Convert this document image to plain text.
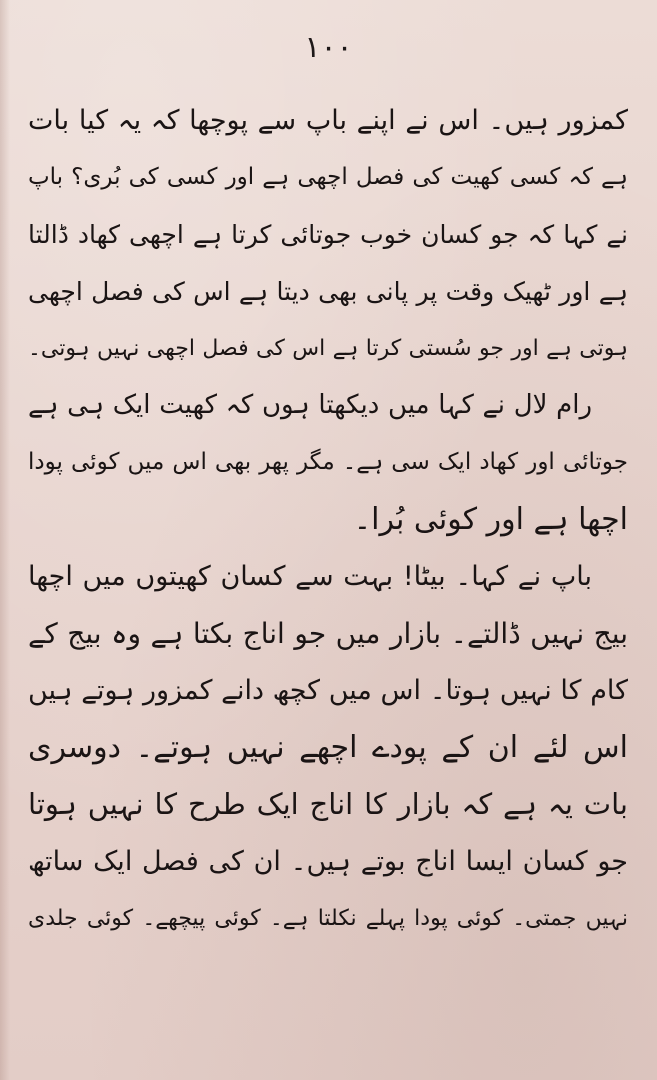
۱۰۰
کمزور ہیں۔ اس نے اپنے باپ سے پوچھا کہ یہ کیا بات
ہے کہ کسی کھیت کی فصل اچھی ہے اور کسی کی بُری؟ باپ
نے کہا کہ جو کسان خوب جوتائی کرتا ہے اچھی کھاد ڈالتا
ہے اور ٹھیک وقت پر پانی بھی دیتا ہے اس کی فصل اچھی
ہوتی ہے اور جو سُستی کرتا ہے اس کی فصل اچھی نہیں ہوتی۔
رام لال نے کہا میں دیکھتا ہوں کہ کھیت ایک ہی ہے
جوتائی اور کھاد ایک سی ہے۔ مگر پھر بھی اس میں کوئی پودا
اچھا ہے اور کوئی بُرا۔
باپ نے کہا۔ بیٹا! بہت سے کسان کھیتوں میں اچھا
بیج نہیں ڈالتے۔ بازار میں جو اناج بکتا ہے وہ بیج کے
کام کا نہیں ہوتا۔ اس میں کچھ دانے کمزور ہوتے ہیں
اس لئے ان کے پودے اچھے نہیں ہوتے۔ دوسری
بات یہ ہے کہ بازار کا اناج ایک طرح کا نہیں ہوتا
جو کسان ایسا اناج بوتے ہیں۔ ان کی فصل ایک ساتھ
نہیں جمتی۔ کوئی پودا پہلے نکلتا ہے۔ کوئی پیچھے۔ کوئی جلدی
